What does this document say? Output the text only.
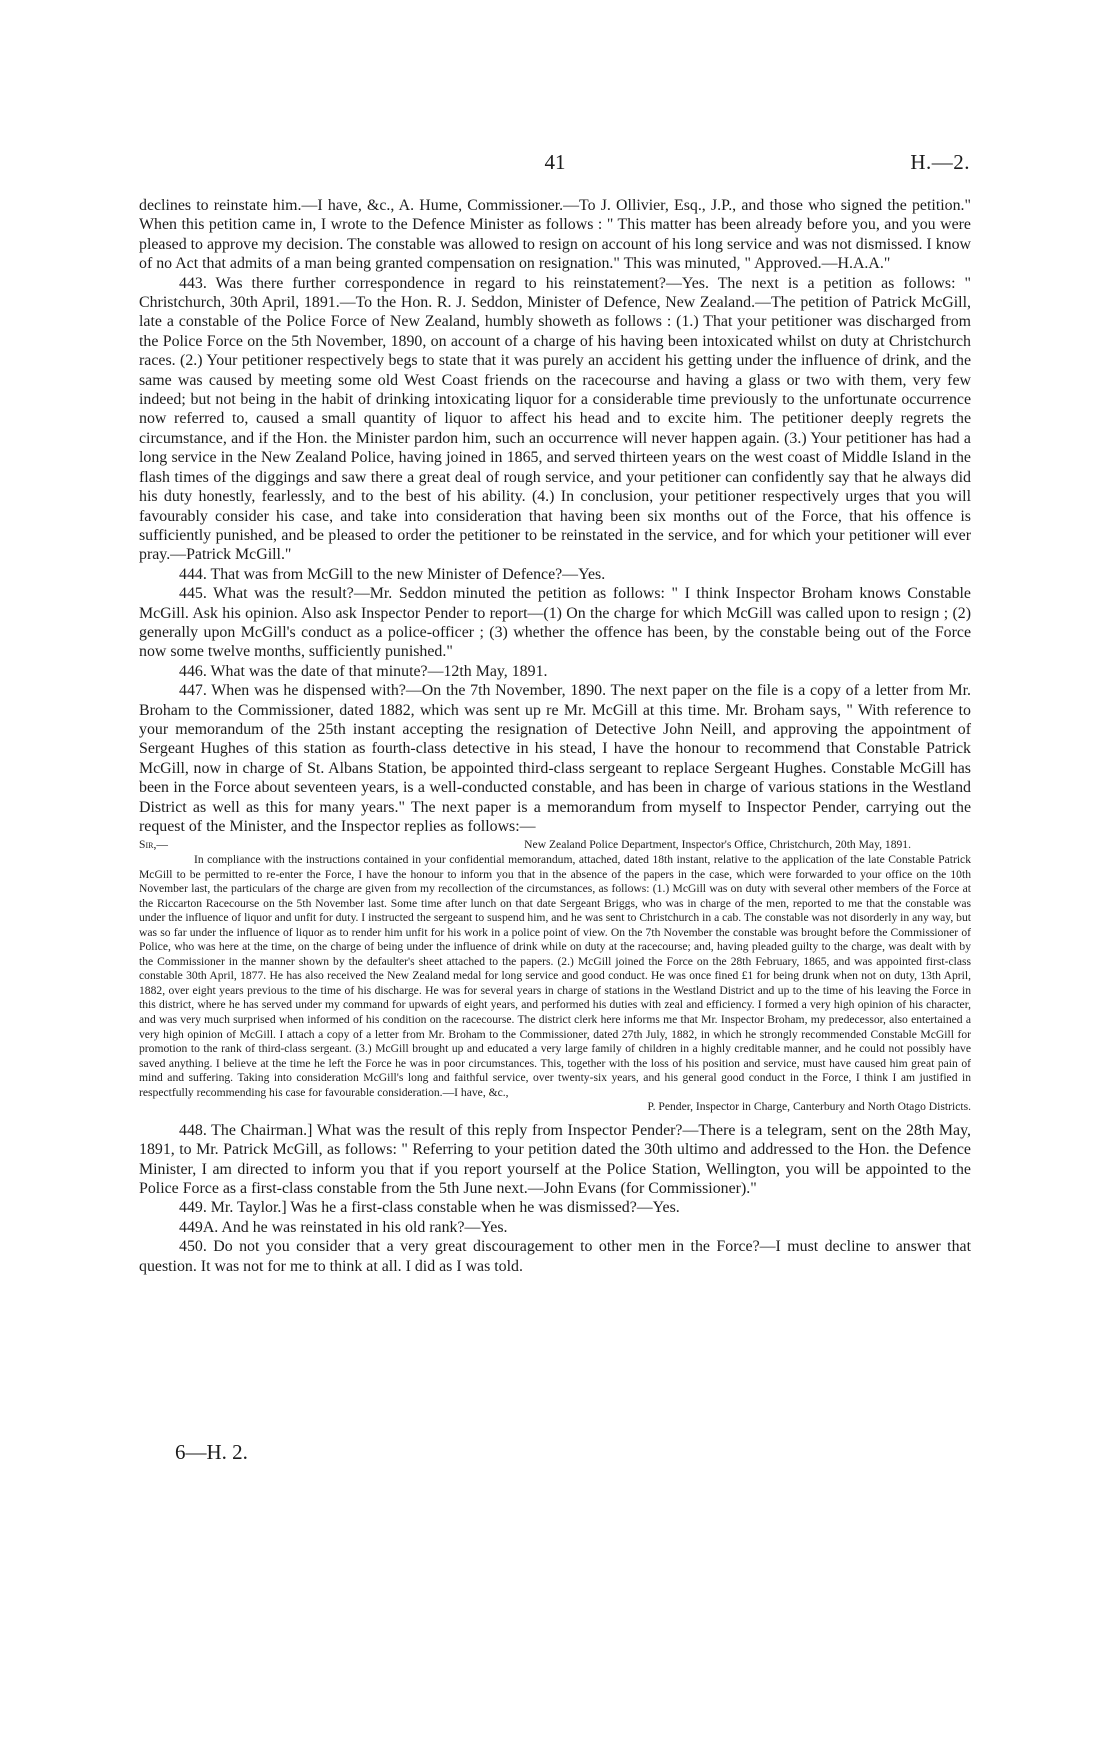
41	H.—2.

declines to reinstate him.—I have, &c., A. Hume, Commissioner.—To J. Ollivier, Esq., J.P., and those who signed the petition." When this petition came in, I wrote to the Defence Minister as follows : " This matter has been already before you, and you were pleased to approve my decision. The constable was allowed to resign on account of his long service and was not dismissed. I know of no Act that admits of a man being granted compensation on resignation." This was minuted, " Approved.—H.A.A."

443. Was there further correspondence in regard to his reinstatement?—Yes. The next is a petition as follows: " Christchurch, 30th April, 1891.—To the Hon. R. J. Seddon, Minister of Defence, New Zealand.—The petition of Patrick McGill, late a constable of the Police Force of New Zealand, humbly showeth as follows : (1.) That your petitioner was discharged from the Police Force on the 5th November, 1890, on account of a charge of his having been intoxicated whilst on duty at Christchurch races. (2.) Your petitioner respectively begs to state that it was purely an accident his getting under the influence of drink, and the same was caused by meeting some old West Coast friends on the racecourse and having a glass or two with them, very few indeed; but not being in the habit of drinking intoxicating liquor for a considerable time previously to the unfortunate occurrence now referred to, caused a small quantity of liquor to affect his head and to excite him. The petitioner deeply regrets the circumstance, and if the Hon. the Minister pardon him, such an occurrence will never happen again. (3.) Your petitioner has had a long service in the New Zealand Police, having joined in 1865, and served thirteen years on the west coast of Middle Island in the flash times of the diggings and saw there a great deal of rough service, and your petitioner can confidently say that he always did his duty honestly, fearlessly, and to the best of his ability. (4.) In conclusion, your petitioner respectively urges that you will favourably consider his case, and take into consideration that having been six months out of the Force, that his offence is sufficiently punished, and be pleased to order the petitioner to be reinstated in the service, and for which your petitioner will ever pray.—Patrick McGill."

444. That was from McGill to the new Minister of Defence?—Yes.

445. What was the result?—Mr. Seddon minuted the petition as follows: " I think Inspector Broham knows Constable McGill. Ask his opinion. Also ask Inspector Pender to report—(1) On the charge for which McGill was called upon to resign ; (2) generally upon McGill's conduct as a police-officer ; (3) whether the offence has been, by the constable being out of the Force now some twelve months, sufficiently punished."

446. What was the date of that minute?—12th May, 1891.

447. When was he dispensed with?—On the 7th November, 1890. The next paper on the file is a copy of a letter from Mr. Broham to the Commissioner, dated 1882, which was sent up re Mr. McGill at this time. Mr. Broham says, " With reference to your memorandum of the 25th instant accepting the resignation of Detective John Neill, and approving the appointment of Sergeant Hughes of this station as fourth-class detective in his stead, I have the honour to recommend that Constable Patrick McGill, now in charge of St. Albans Station, be appointed third-class sergeant to replace Sergeant Hughes. Constable McGill has been in the Force about seventeen years, is a well-conducted constable, and has been in charge of various stations in the Westland District as well as this for many years." The next paper is a memorandum from myself to Inspector Pender, carrying out the request of the Minister, and the Inspector replies as follows:—

Sir,—	New Zealand Police Department, Inspector's Office, Christchurch, 20th May, 1891.
In compliance with the instructions contained in your confidential memorandum, attached, dated 18th instant, relative to the application of the late Constable Patrick McGill to be permitted to re-enter the Force, I have the honour to inform you that in the absence of the papers in the case, which were forwarded to your office on the 10th November last, the particulars of the charge are given from my recollection of the circumstances, as follows: (1.) McGill was on duty with several other members of the Force at the Riccarton Racecourse on the 5th November last. Some time after lunch on that date Sergeant Briggs, who was in charge of the men, reported to me that the constable was under the influence of liquor and unfit for duty. I instructed the sergeant to suspend him, and he was sent to Christchurch in a cab. The constable was not disorderly in any way, but was so far under the influence of liquor as to render him unfit for his work in a police point of view. On the 7th November the constable was brought before the Commissioner of Police, who was here at the time, on the charge of being under the influence of drink while on duty at the racecourse; and, having pleaded guilty to the charge, was dealt with by the Commissioner in the manner shown by the defaulter's sheet attached to the papers. (2.) McGill joined the Force on the 28th February, 1865, and was appointed first-class constable 30th April, 1877. He has also received the New Zealand medal for long service and good conduct. He was once fined £1 for being drunk when not on duty, 13th April, 1882, over eight years previous to the time of his discharge. He was for several years in charge of stations in the Westland District and up to the time of his leaving the Force in this district, where he has served under my command for upwards of eight years, and performed his duties with zeal and efficiency. I formed a very high opinion of his character, and was very much surprised when informed of his condition on the racecourse. The district clerk here informs me that Mr. Inspector Broham, my predecessor, also entertained a very high opinion of McGill. I attach a copy of a letter from Mr. Broham to the Commissioner, dated 27th July, 1882, in which he strongly recommended Constable McGill for promotion to the rank of third-class sergeant. (3.) McGill brought up and educated a very large family of children in a highly creditable manner, and he could not possibly have saved anything. I believe at the time he left the Force he was in poor circumstances. This, together with the loss of his position and service, must have caused him great pain of mind and suffering. Taking into consideration McGill's long and faithful service, over twenty-six years, and his general good conduct in the Force, I think I am justified in respectfully recommending his case for favourable consideration.—I have, &c.,
P. Pender, Inspector in Charge, Canterbury and North Otago Districts.

448. The Chairman.] What was the result of this reply from Inspector Pender?—There is a telegram, sent on the 28th May, 1891, to Mr. Patrick McGill, as follows: " Referring to your petition dated the 30th ultimo and addressed to the Hon. the Defence Minister, I am directed to inform you that if you report yourself at the Police Station, Wellington, you will be appointed to the Police Force as a first-class constable from the 5th June next.—John Evans (for Commissioner)."

449. Mr. Taylor.] Was he a first-class constable when he was dismissed?—Yes.

449A. And he was reinstated in his old rank?—Yes.

450. Do not you consider that a very great discouragement to other men in the Force?—I must decline to answer that question. It was not for me to think at all. I did as I was told.

6—H. 2.
